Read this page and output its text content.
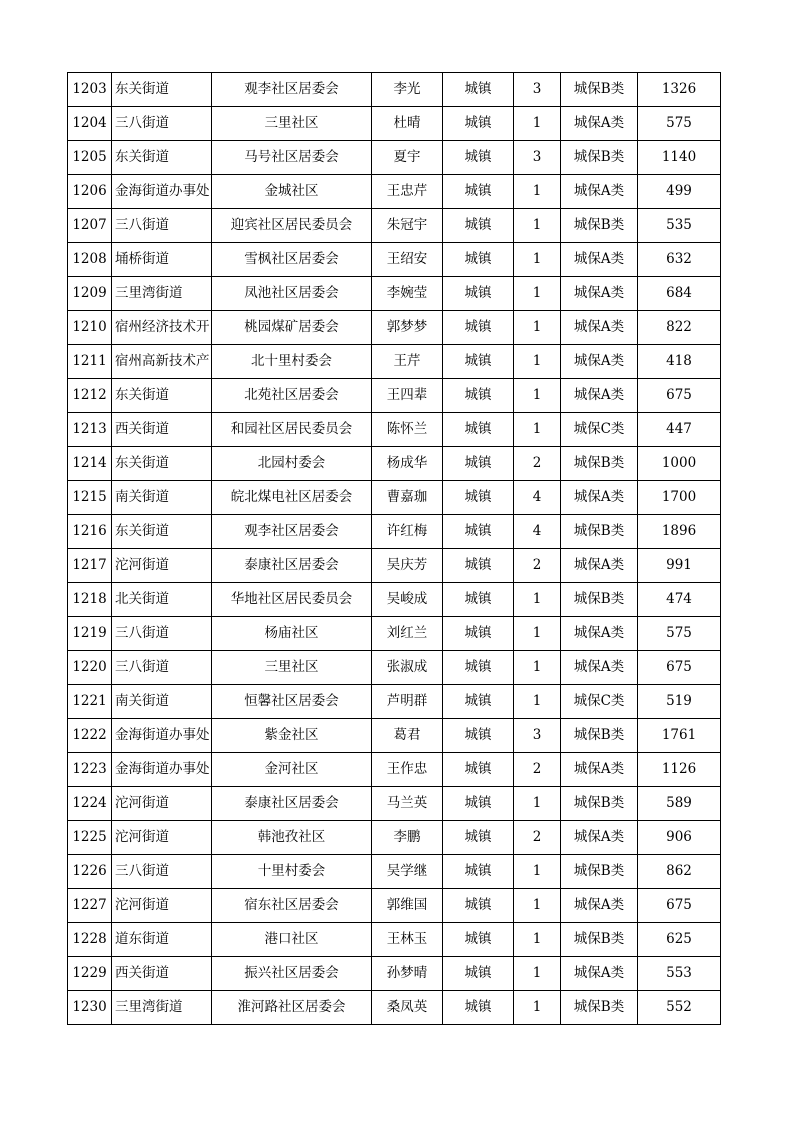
1203	东关街道	观李社区居委会	李光	城镇	3	城保B类	1326
1204	三八街道	三里社区	杜晴	城镇	1	城保A类	575
1205	东关街道	马号社区居委会	夏宇	城镇	3	城保B类	1140
1206	金海街道办事处	金城社区	王忠芹	城镇	1	城保A类	499
1207	三八街道	迎宾社区居民委员会	朱冠宇	城镇	1	城保B类	535
1208	埇桥街道	雪枫社区居委会	王绍安	城镇	1	城保A类	632
1209	三里湾街道	凤池社区居委会	李婉莹	城镇	1	城保A类	684
1210	宿州经济技术开	桃园煤矿居委会	郭梦梦	城镇	1	城保A类	822
1211	宿州高新技术产	北十里村委会	王芹	城镇	1	城保A类	418
1212	东关街道	北苑社区居委会	王四辈	城镇	1	城保A类	675
1213	西关街道	和园社区居民委员会	陈怀兰	城镇	1	城保C类	447
1214	东关街道	北园村委会	杨成华	城镇	2	城保B类	1000
1215	南关街道	皖北煤电社区居委会	曹嘉珈	城镇	4	城保A类	1700
1216	东关街道	观李社区居委会	许红梅	城镇	4	城保B类	1896
1217	沱河街道	泰康社区居委会	吴庆芳	城镇	2	城保A类	991
1218	北关街道	华地社区居民委员会	吴峻成	城镇	1	城保B类	474
1219	三八街道	杨庙社区	刘红兰	城镇	1	城保A类	575
1220	三八街道	三里社区	张淑成	城镇	1	城保A类	675
1221	南关街道	恒馨社区居委会	芦明群	城镇	1	城保C类	519
1222	金海街道办事处	紫金社区	葛君	城镇	3	城保B类	1761
1223	金海街道办事处	金河社区	王作忠	城镇	2	城保A类	1126
1224	沱河街道	泰康社区居委会	马兰英	城镇	1	城保B类	589
1225	沱河街道	韩池孜社区	李鹏	城镇	2	城保A类	906
1226	三八街道	十里村委会	吴学继	城镇	1	城保B类	862
1227	沱河街道	宿东社区居委会	郭维国	城镇	1	城保A类	675
1228	道东街道	港口社区	王林玉	城镇	1	城保B类	625
1229	西关街道	振兴社区居委会	孙梦晴	城镇	1	城保A类	553
1230	三里湾街道	淮河路社区居委会	桑凤英	城镇	1	城保B类	552
